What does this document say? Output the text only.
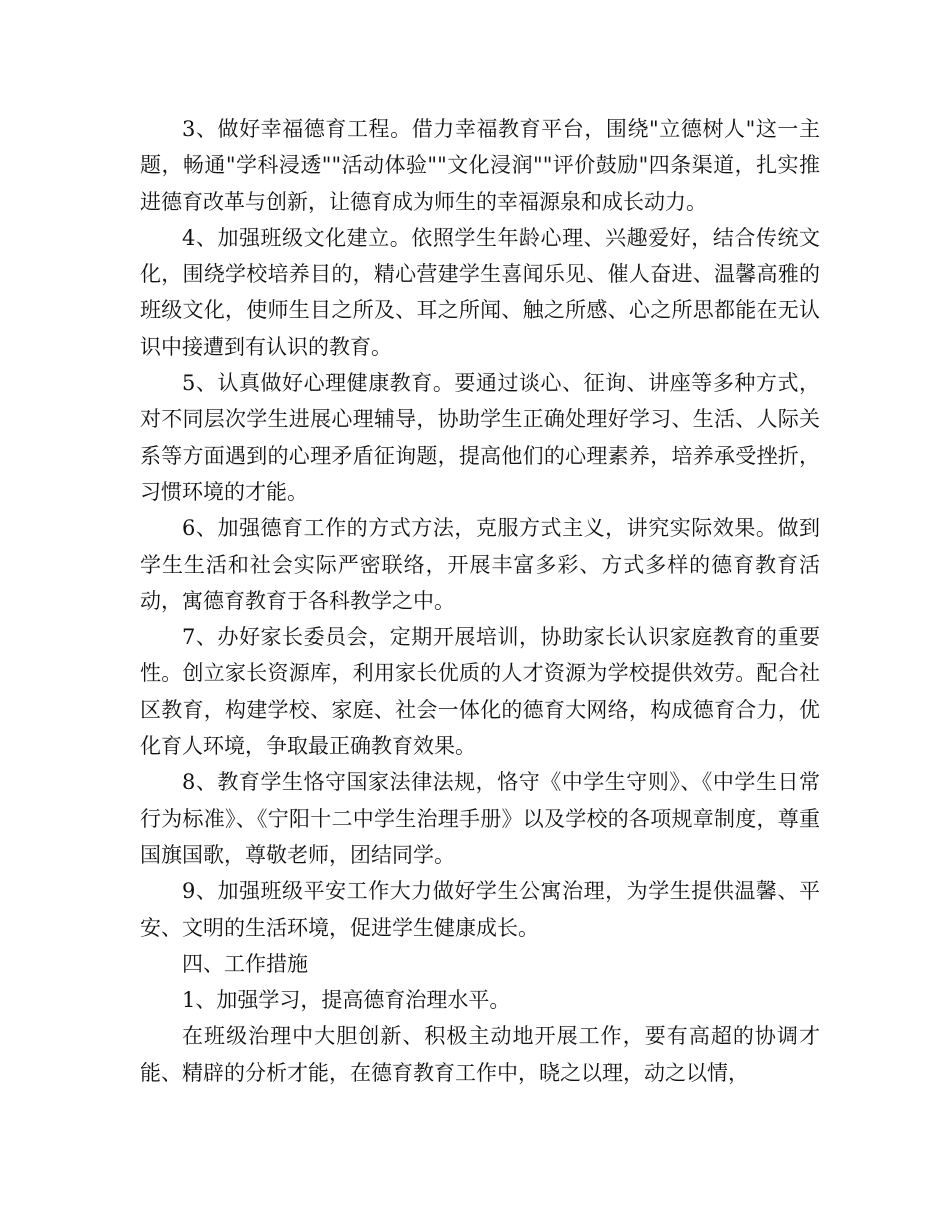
3、做好幸福德育工程。借力幸福教育平台，围绕"立德树人"这一主题，畅通"学科浸透""活动体验""文化浸润""评价鼓励"四条渠道，扎实推进德育改革与创新，让德育成为师生的幸福源泉和成长动力。

4、加强班级文化建立。依照学生年龄心理、兴趣爱好，结合传统文化，围绕学校培养目的，精心营建学生喜闻乐见、催人奋进、温馨高雅的班级文化，使师生目之所及、耳之所闻、触之所感、心之所思都能在无认识中接遭到有认识的教育。

5、认真做好心理健康教育。要通过谈心、征询、讲座等多种方式，对不同层次学生进展心理辅导，协助学生正确处理好学习、生活、人际关系等方面遇到的心理矛盾征询题，提高他们的心理素养，培养承受挫折，习惯环境的才能。

6、加强德育工作的方式方法，克服方式主义，讲究实际效果。做到学生生活和社会实际严密联络，开展丰富多彩、方式多样的德育教育活动，寓德育教育于各科教学之中。

7、办好家长委员会，定期开展培训，协助家长认识家庭教育的重要性。创立家长资源库，利用家长优质的人才资源为学校提供效劳。配合社区教育，构建学校、家庭、社会一体化的德育大网络，构成德育合力，优化育人环境，争取最正确教育效果。

8、教育学生恪守国家法律法规，恪守《中学生守则》、《中学生日常行为标准》、《宁阳十二中学生治理手册》以及学校的各项规章制度，尊重国旗国歌，尊敬老师，团结同学。

9、加强班级平安工作大力做好学生公寓治理，为学生提供温馨、平安、文明的生活环境，促进学生健康成长。

四、工作措施

1、加强学习，提高德育治理水平。

在班级治理中大胆创新、积极主动地开展工作，要有高超的协调才能、精辟的分析才能，在德育教育工作中，晓之以理，动之以情，
